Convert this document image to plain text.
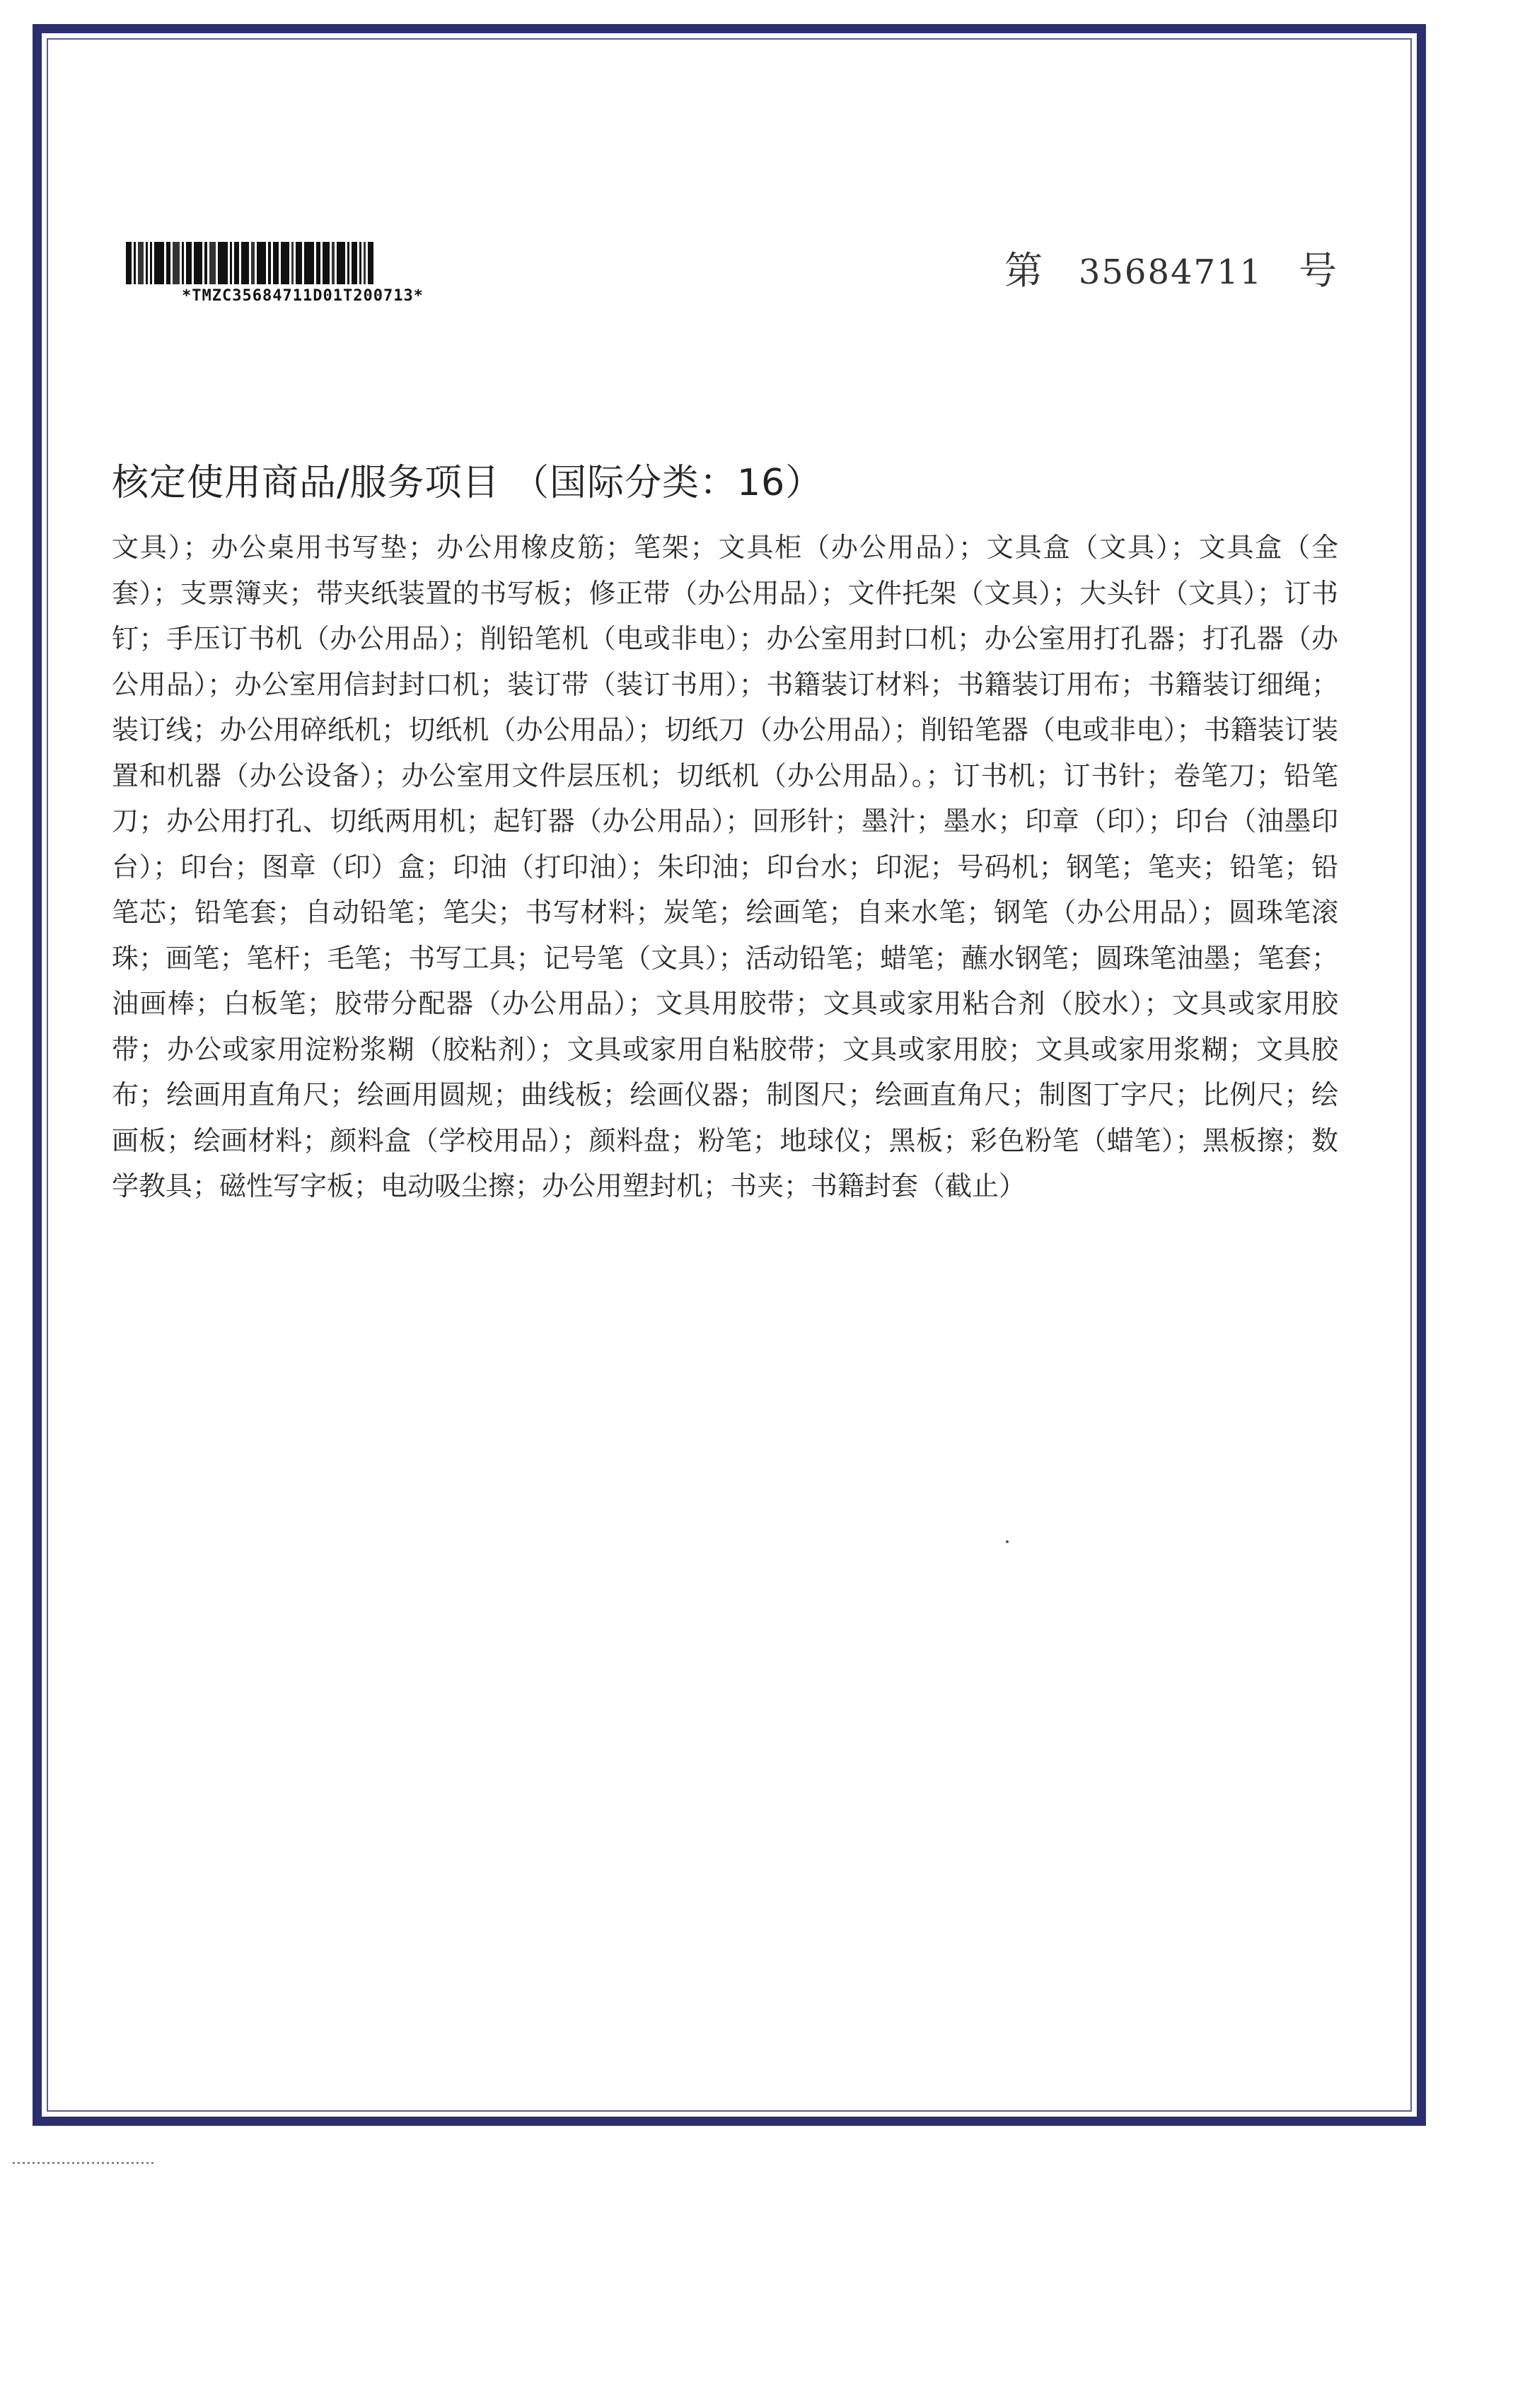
*TMZC35684711D01T200713*
第 35684711 号
核定使用商品/服务项目 （国际分类：16）
文具）；办公桌用书写垫；办公用橡皮筋；笔架；文具柜（办公用品）；文具盒（文具）；文具盒（全套）；支票簿夹；带夹纸装置的书写板；修正带（办公用品）；文件托架（文具）；大头针（文具）；订书钉；手压订书机（办公用品）；削铅笔机（电或非电）；办公室用封口机；办公室用打孔器；打孔器（办公用品）；办公室用信封封口机；装订带（装订书用）；书籍装订材料；书籍装订用布；书籍装订细绳；装订线；办公用碎纸机；切纸机（办公用品）；切纸刀（办公用品）；削铅笔器（电或非电）；书籍装订装置和机器（办公设备）；办公室用文件层压机；切纸机（办公用品）。；订书机；订书针；卷笔刀；铅笔刀；办公用打孔、切纸两用机；起钉器（办公用品）；回形针；墨汁；墨水；印章（印）；印台（油墨印台）；印台；图章（印）盒；印油（打印油）；朱印油；印台水；印泥；号码机；钢笔；笔夹；铅笔；铅笔芯；铅笔套；自动铅笔；笔尖；书写材料；炭笔；绘画笔；自来水笔；钢笔（办公用品）；圆珠笔滚珠；画笔；笔杆；毛笔；书写工具；记号笔（文具）；活动铅笔；蜡笔；蘸水钢笔；圆珠笔油墨；笔套；油画棒；白板笔；胶带分配器（办公用品）；文具用胶带；文具或家用粘合剂（胶水）；文具或家用胶带；办公或家用淀粉浆糊（胶粘剂）；文具或家用自粘胶带；文具或家用胶；文具或家用浆糊；文具胶布；绘画用直角尺；绘画用圆规；曲线板；绘画仪器；制图尺；绘画直角尺；制图丁字尺；比例尺；绘画板；绘画材料；颜料盒（学校用品）；颜料盘；粉笔；地球仪；黑板；彩色粉笔（蜡笔）；黑板擦；数学教具；磁性写字板；电动吸尘擦；办公用塑封机；书夹；书籍封套（截止）
